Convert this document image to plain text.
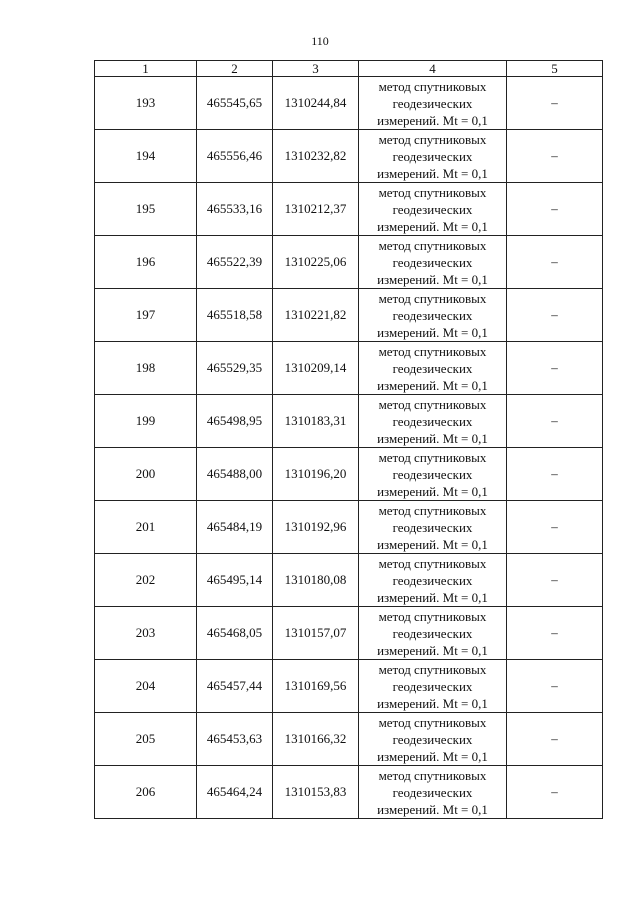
110
1	2	3	4	5
193	465545,65	1310244,84	метод спутниковых
геодезических
измерений. Mt = 0,1	–
194	465556,46	1310232,82	метод спутниковых
геодезических
измерений. Mt = 0,1	–
195	465533,16	1310212,37	метод спутниковых
геодезических
измерений. Mt = 0,1	–
196	465522,39	1310225,06	метод спутниковых
геодезических
измерений. Mt = 0,1	–
197	465518,58	1310221,82	метод спутниковых
геодезических
измерений. Mt = 0,1	–
198	465529,35	1310209,14	метод спутниковых
геодезических
измерений. Mt = 0,1	–
199	465498,95	1310183,31	метод спутниковых
геодезических
измерений. Mt = 0,1	–
200	465488,00	1310196,20	метод спутниковых
геодезических
измерений. Mt = 0,1	–
201	465484,19	1310192,96	метод спутниковых
геодезических
измерений. Mt = 0,1	–
202	465495,14	1310180,08	метод спутниковых
геодезических
измерений. Mt = 0,1	–
203	465468,05	1310157,07	метод спутниковых
геодезических
измерений. Mt = 0,1	–
204	465457,44	1310169,56	метод спутниковых
геодезических
измерений. Mt = 0,1	–
205	465453,63	1310166,32	метод спутниковых
геодезических
измерений. Mt = 0,1	–
206	465464,24	1310153,83	метод спутниковых
геодезических
измерений. Mt = 0,1	–
